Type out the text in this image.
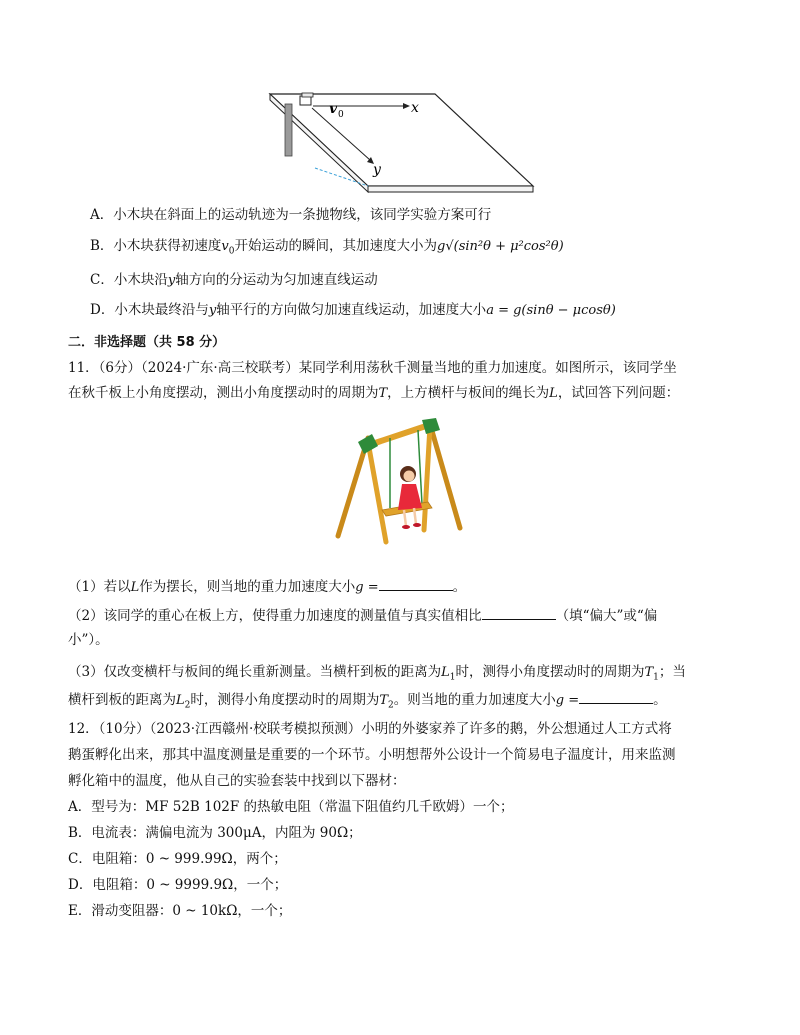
v 0	x
y
A．小木块在斜面上的运动轨迹为一条抛物线，该同学实验方案可行
B．小木块获得初速度$v_0$开始运动的瞬间，其加速度大小为g√(sin²θ + μ²cos²θ)
C．小木块沿y轴方向的分运动为匀加速直线运动
D．小木块最终沿与y轴平行的方向做匀加速直线运动，加速度大小a = g(sinθ − μcosθ)
二．非选择题（共 58 分）
11．（6分）（2024·广东·高三校联考）某同学利用荡秋千测量当地的重力加速度。如图所示，该同学坐
在秋千板上小角度摆动，测出小角度摆动时的周期为T，上方横杆与板间的绳长为L，试回答下列问题：
（1）若以L作为摆长，则当地的重力加速度大小g =	。
（2）该同学的重心在板上方，使得重力加速度的测量值与真实值相比	（填“偏大”或“偏
小”）。
（3）仅改变横杆与板间的绳长重新测量。当横杆到板的距离为$L_1$时，测得小角度摆动时的周期为$T_1$；当
横杆到板的距离为$L_2$时，测得小角度摆动时的周期为$T_2$。则当地的重力加速度大小g =	。
12．（10分）（2023·江西赣州·校联考模拟预测）小明的外婆家养了许多的鹅，外公想通过人工方式将
鹅蛋孵化出来，那其中温度测量是重要的一个环节。小明想帮外公设计一个简易电子温度计，用来监测
孵化箱中的温度，他从自己的实验套装中找到以下器材：
A．型号为：MF 52B 102F 的热敏电阻（常温下阻值约几千欧姆）一个；
B．电流表：满偏电流为 300μA，内阻为 90Ω；
C．电阻箱：0 ~ 999.99Ω，两个；
D．电阻箱：0 ~ 9999.9Ω，一个；
E．滑动变阻器：0 ~ 10kΩ，一个；
